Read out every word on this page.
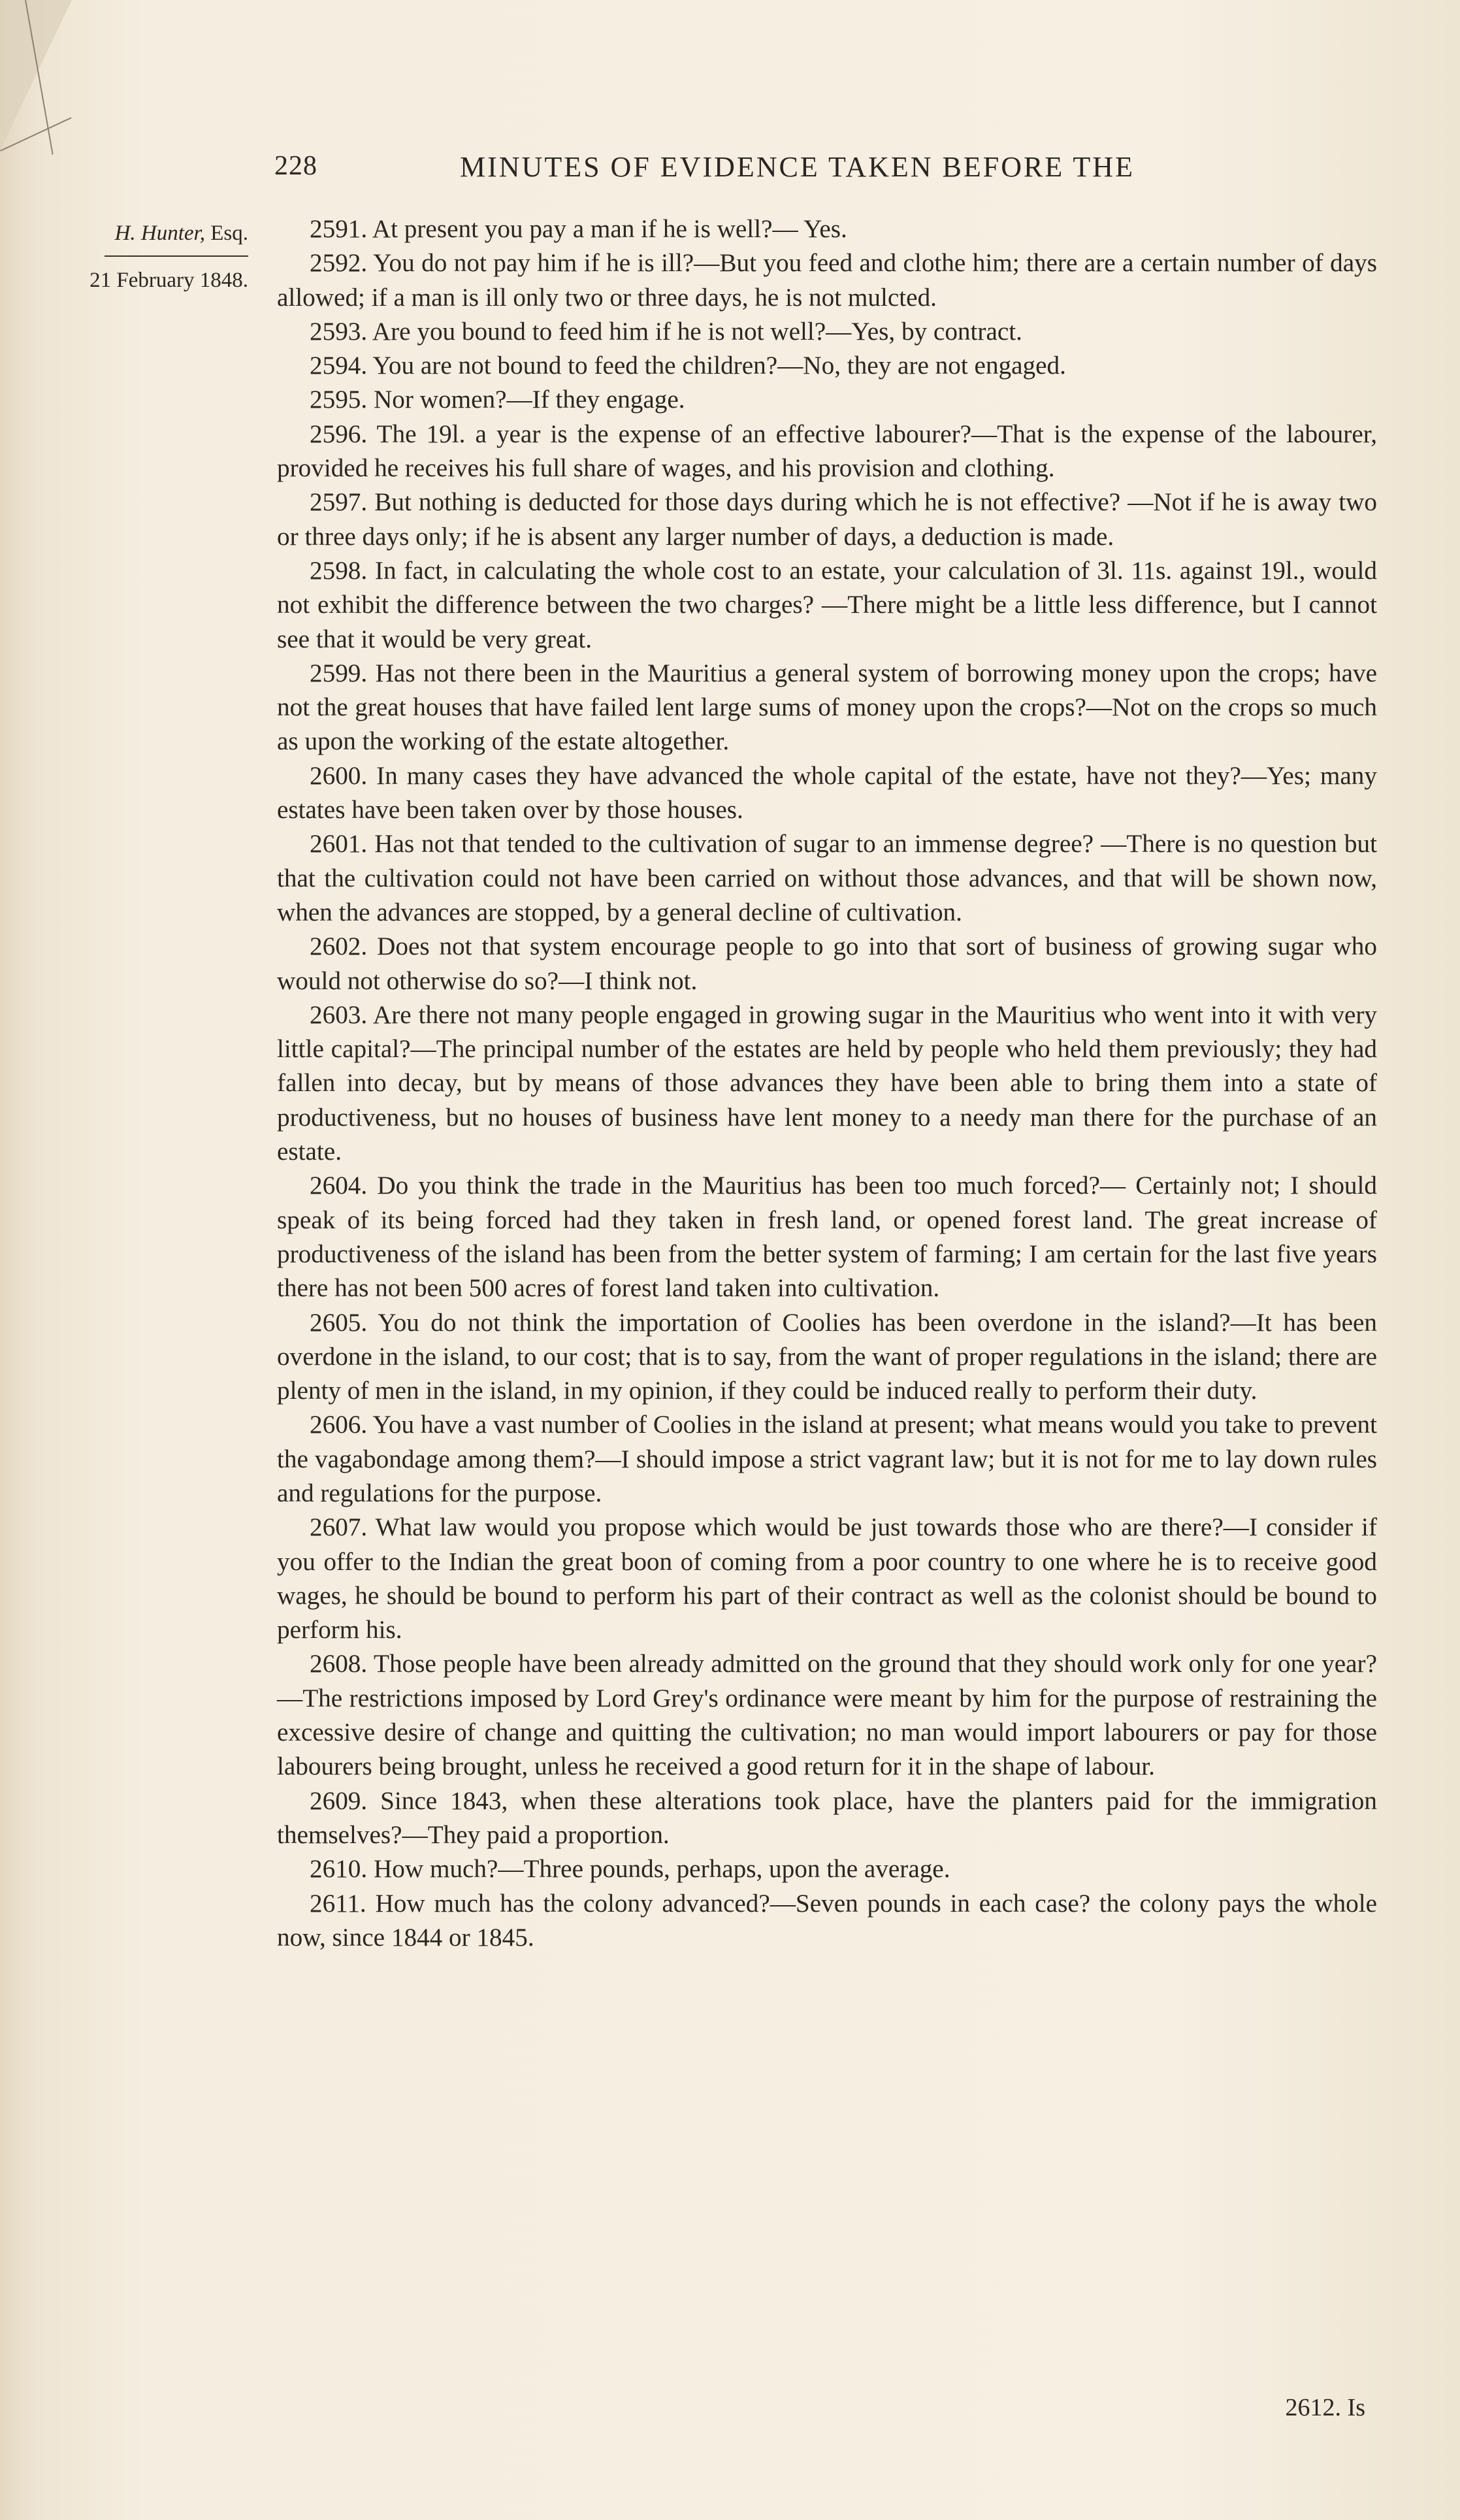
228	MINUTES OF EVIDENCE TAKEN BEFORE THE
H. Hunter, Esq.
21 February 1848.

2591. At present you pay a man if he is well?— Yes.

2592. You do not pay him if he is ill?—But you feed and clothe him; there are a certain number of days allowed; if a man is ill only two or three days, he is not mulcted.

2593. Are you bound to feed him if he is not well?—Yes, by contract.

2594. You are not bound to feed the children?—No, they are not engaged.

2595. Nor women?—If they engage.

2596. The 19l. a year is the expense of an effective labourer?—That is the expense of the labourer, provided he receives his full share of wages, and his provision and clothing.

2597. But nothing is deducted for those days during which he is not effective? —Not if he is away two or three days only; if he is absent any larger number of days, a deduction is made.

2598. In fact, in calculating the whole cost to an estate, your calculation of 3l. 11s. against 19l., would not exhibit the difference between the two charges? —There might be a little less difference, but I cannot see that it would be very great.

2599. Has not there been in the Mauritius a general system of borrowing money upon the crops; have not the great houses that have failed lent large sums of money upon the crops?—Not on the crops so much as upon the working of the estate altogether.

2600. In many cases they have advanced the whole capital of the estate, have not they?—Yes; many estates have been taken over by those houses.

2601. Has not that tended to the cultivation of sugar to an immense degree? —There is no question but that the cultivation could not have been carried on without those advances, and that will be shown now, when the advances are stopped, by a general decline of cultivation.

2602. Does not that system encourage people to go into that sort of business of growing sugar who would not otherwise do so?—I think not.

2603. Are there not many people engaged in growing sugar in the Mauritius who went into it with very little capital?—The principal number of the estates are held by people who held them previously; they had fallen into decay, but by means of those advances they have been able to bring them into a state of productiveness, but no houses of business have lent money to a needy man there for the purchase of an estate.

2604. Do you think the trade in the Mauritius has been too much forced?— Certainly not; I should speak of its being forced had they taken in fresh land, or opened forest land. The great increase of productiveness of the island has been from the better system of farming; I am certain for the last five years there has not been 500 acres of forest land taken into cultivation.

2605. You do not think the importation of Coolies has been overdone in the island?—It has been overdone in the island, to our cost; that is to say, from the want of proper regulations in the island; there are plenty of men in the island, in my opinion, if they could be induced really to perform their duty.

2606. You have a vast number of Coolies in the island at present; what means would you take to prevent the vagabondage among them?—I should impose a strict vagrant law; but it is not for me to lay down rules and regulations for the purpose.

2607. What law would you propose which would be just towards those who are there?—I consider if you offer to the Indian the great boon of coming from a poor country to one where he is to receive good wages, he should be bound to perform his part of their contract as well as the colonist should be bound to perform his.

2608. Those people have been already admitted on the ground that they should work only for one year?—The restrictions imposed by Lord Grey's ordinance were meant by him for the purpose of restraining the excessive desire of change and quitting the cultivation; no man would import labourers or pay for those labourers being brought, unless he received a good return for it in the shape of labour.

2609. Since 1843, when these alterations took place, have the planters paid for the immigration themselves?—They paid a proportion.

2610. How much?—Three pounds, perhaps, upon the average.

2611. How much has the colony advanced?—Seven pounds in each case? the colony pays the whole now, since 1844 or 1845.

2612. Is
